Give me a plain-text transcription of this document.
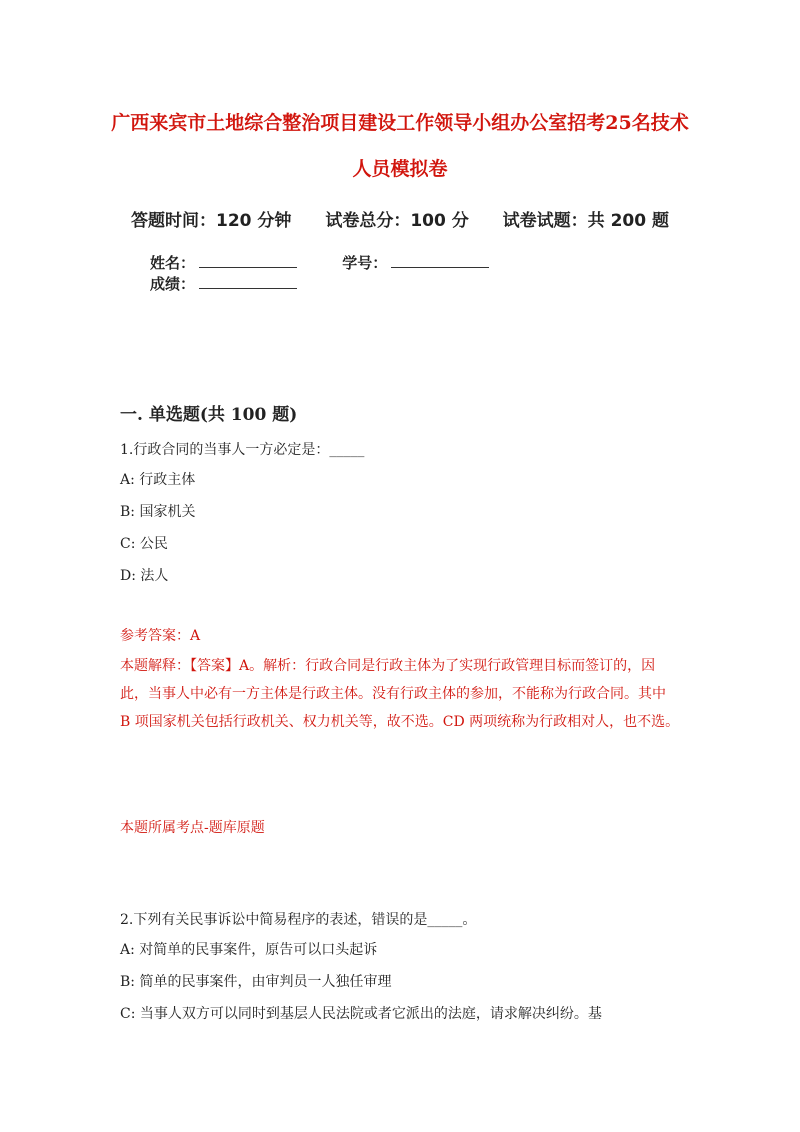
广西来宾市土地综合整治项目建设工作领导小组办公室招考25名技术人员模拟卷
答题时间：120 分钟 试卷总分：100 分 试卷试题：共 200 题
姓名：	学号： 成绩：
一. 单选题(共 100 题)
1.行政合同的当事人一方必定是：_____
A: 行政主体
B: 国家机关
C: 公民
D: 法人
参考答案：A
本题解释：【答案】A。解析：行政合同是行政主体为了实现行政管理目标而签订的，因此，当事人中必有一方主体是行政主体。没有行政主体的参加，不能称为行政合同。其中 B 项国家机关包括行政机关、权力机关等，故不选。CD 两项统称为行政相对人，也不选。
本题所属考点-题库原题
2.下列有关民事诉讼中简易程序的表述，错误的是_____。
A: 对简单的民事案件，原告可以口头起诉
B: 简单的民事案件，由审判员一人独任审理
C: 当事人双方可以同时到基层人民法院或者它派出的法庭，请求解决纠纷。基
